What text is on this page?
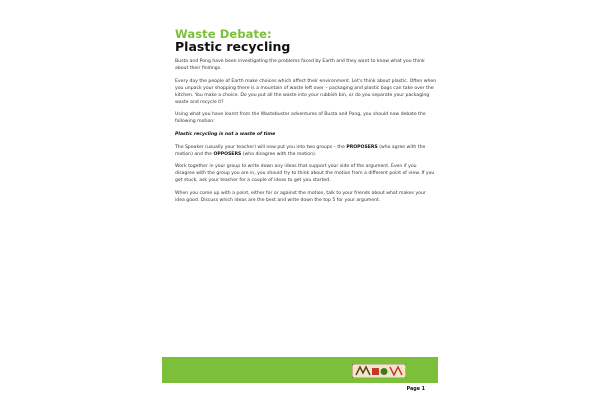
Waste Debate:
Plastic recycling

Busta and Pong have been investigating the problems faced by Earth and they want to know what you think about their findings.

Every day the people of Earth make choices which affect their environment. Let's think about plastic. Often when you unpack your shopping there is a mountain of waste left over – packaging and plastic bags can take over the kitchen. You make a choice. Do you put all the waste into your rubbish bin, or do you separate your packaging waste and recycle it?

Using what you have learnt from the Wastebuster adventures of Busta and Pong, you should now debate the following motion:

Plastic recycling is not a waste of time

The Speaker (usually your teacher) will now put you into two groups – the PROPOSERS (who agree with the motion) and the OPPOSERS (who disagree with the motion).

Work together in your group to write down any ideas that support your side of the argument. Even if you disagree with the group you are in, you should try to think about the motion from a different point of view. If you get stuck, ask your teacher for a couple of ideas to get you started.

When you come up with a point, either for or against the motion, talk to your friends about what makes your idea good. Discuss which ideas are the best and write down the top 5 for your argument.

Page 1
